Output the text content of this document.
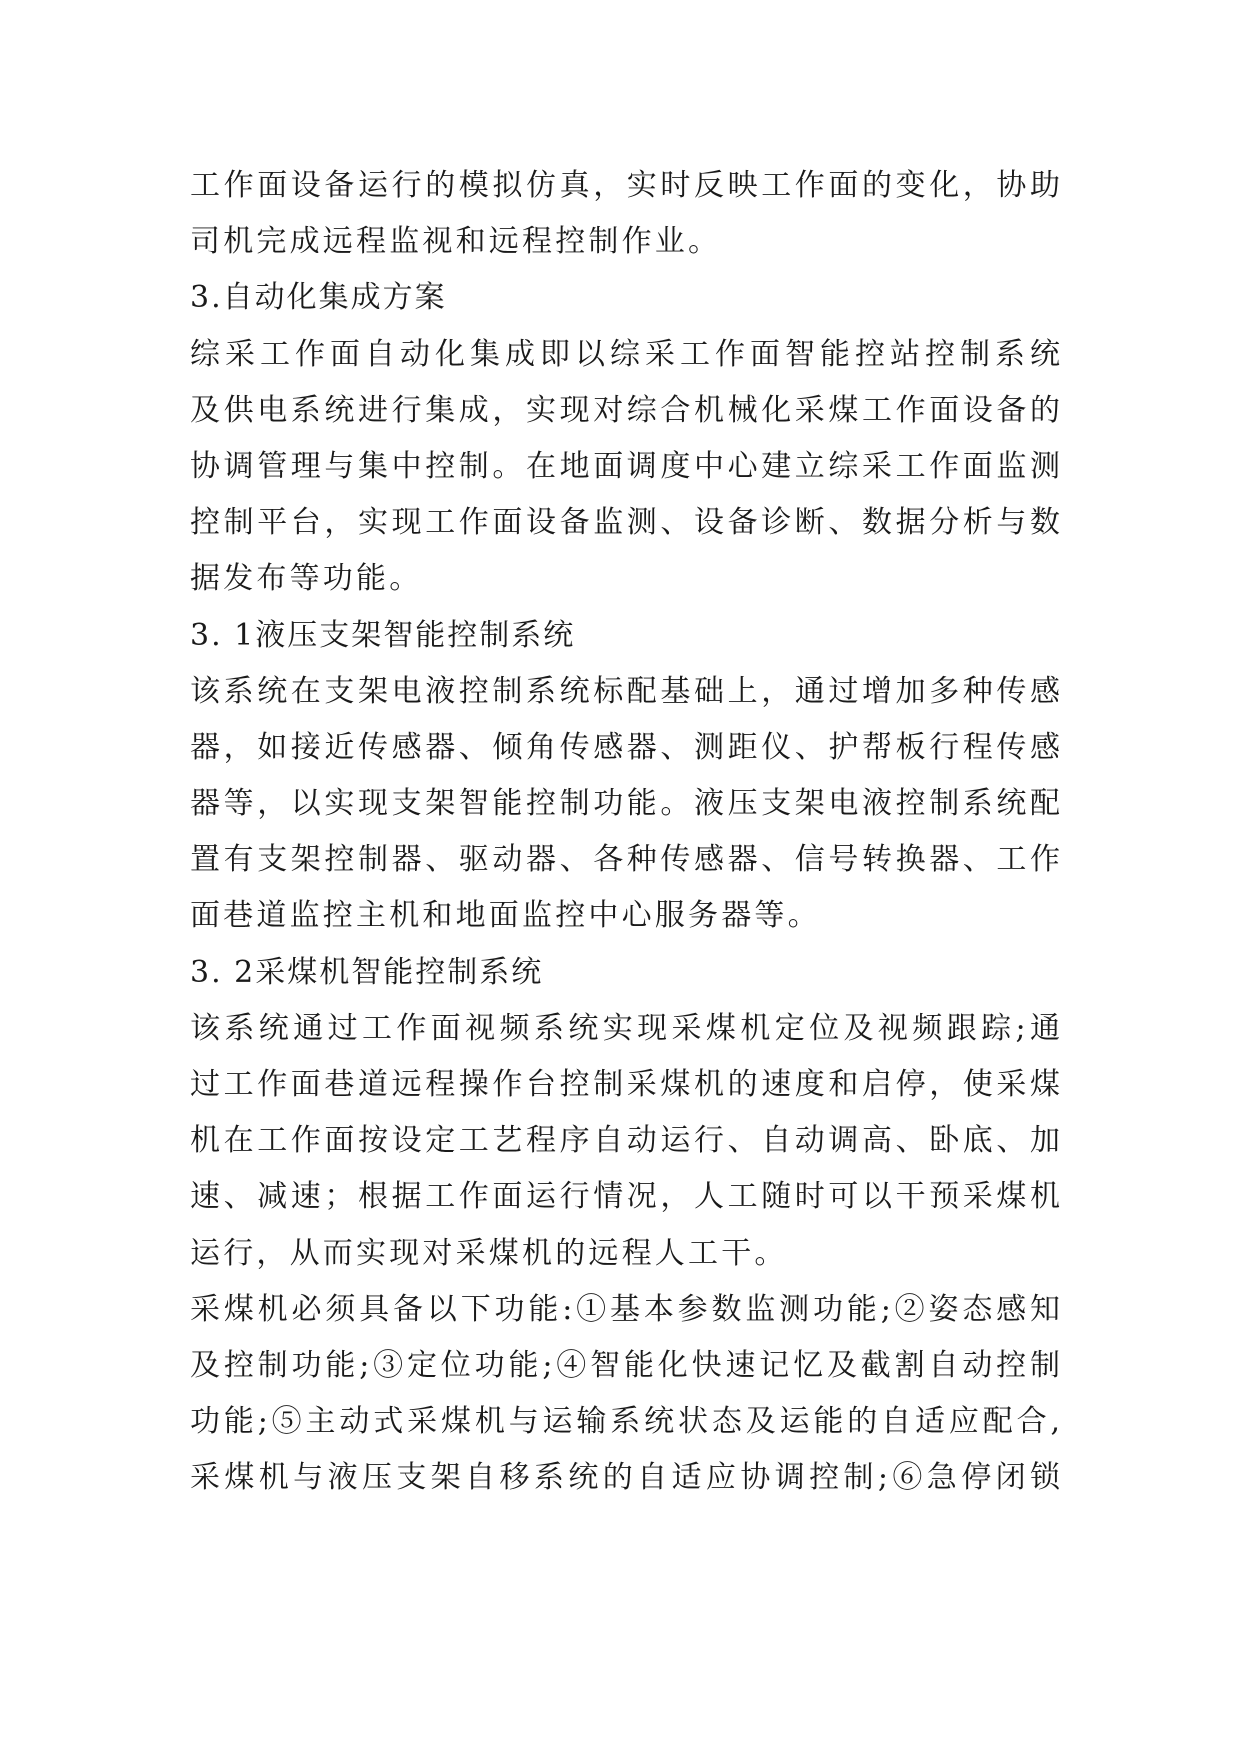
工作面设备运行的模拟仿真，实时反映工作面的变化，协助
司机完成远程监视和远程控制作业。
3.自动化集成方案
综采工作面自动化集成即以综采工作面智能控站控制系统
及供电系统进行集成，实现对综合机械化采煤工作面设备的
协调管理与集中控制。在地面调度中心建立综采工作面监测
控制平台，实现工作面设备监测、设备诊断、数据分析与数
据发布等功能。
3. 1液压支架智能控制系统
该系统在支架电液控制系统标配基础上，通过增加多种传感
器，如接近传感器、倾角传感器、测距仪、护帮板行程传感
器等，以实现支架智能控制功能。液压支架电液控制系统配
置有支架控制器、驱动器、各种传感器、信号转换器、工作
面巷道监控主机和地面监控中心服务器等。
3. 2采煤机智能控制系统
该系统通过工作面视频系统实现采煤机定位及视频跟踪;通
过工作面巷道远程操作台控制采煤机的速度和启停，使采煤
机在工作面按设定工艺程序自动运行、自动调高、卧底、加
速、减速；根据工作面运行情况，人工随时可以干预采煤机
运行，从而实现对采煤机的远程人工干。
采煤机必须具备以下功能:①基本参数监测功能;②姿态感知
及控制功能;③定位功能;④智能化快速记忆及截割自动控制
功能;⑤主动式采煤机与运输系统状态及运能的自适应配合,
采煤机与液压支架自移系统的自适应协调控制;⑥急停闭锁
